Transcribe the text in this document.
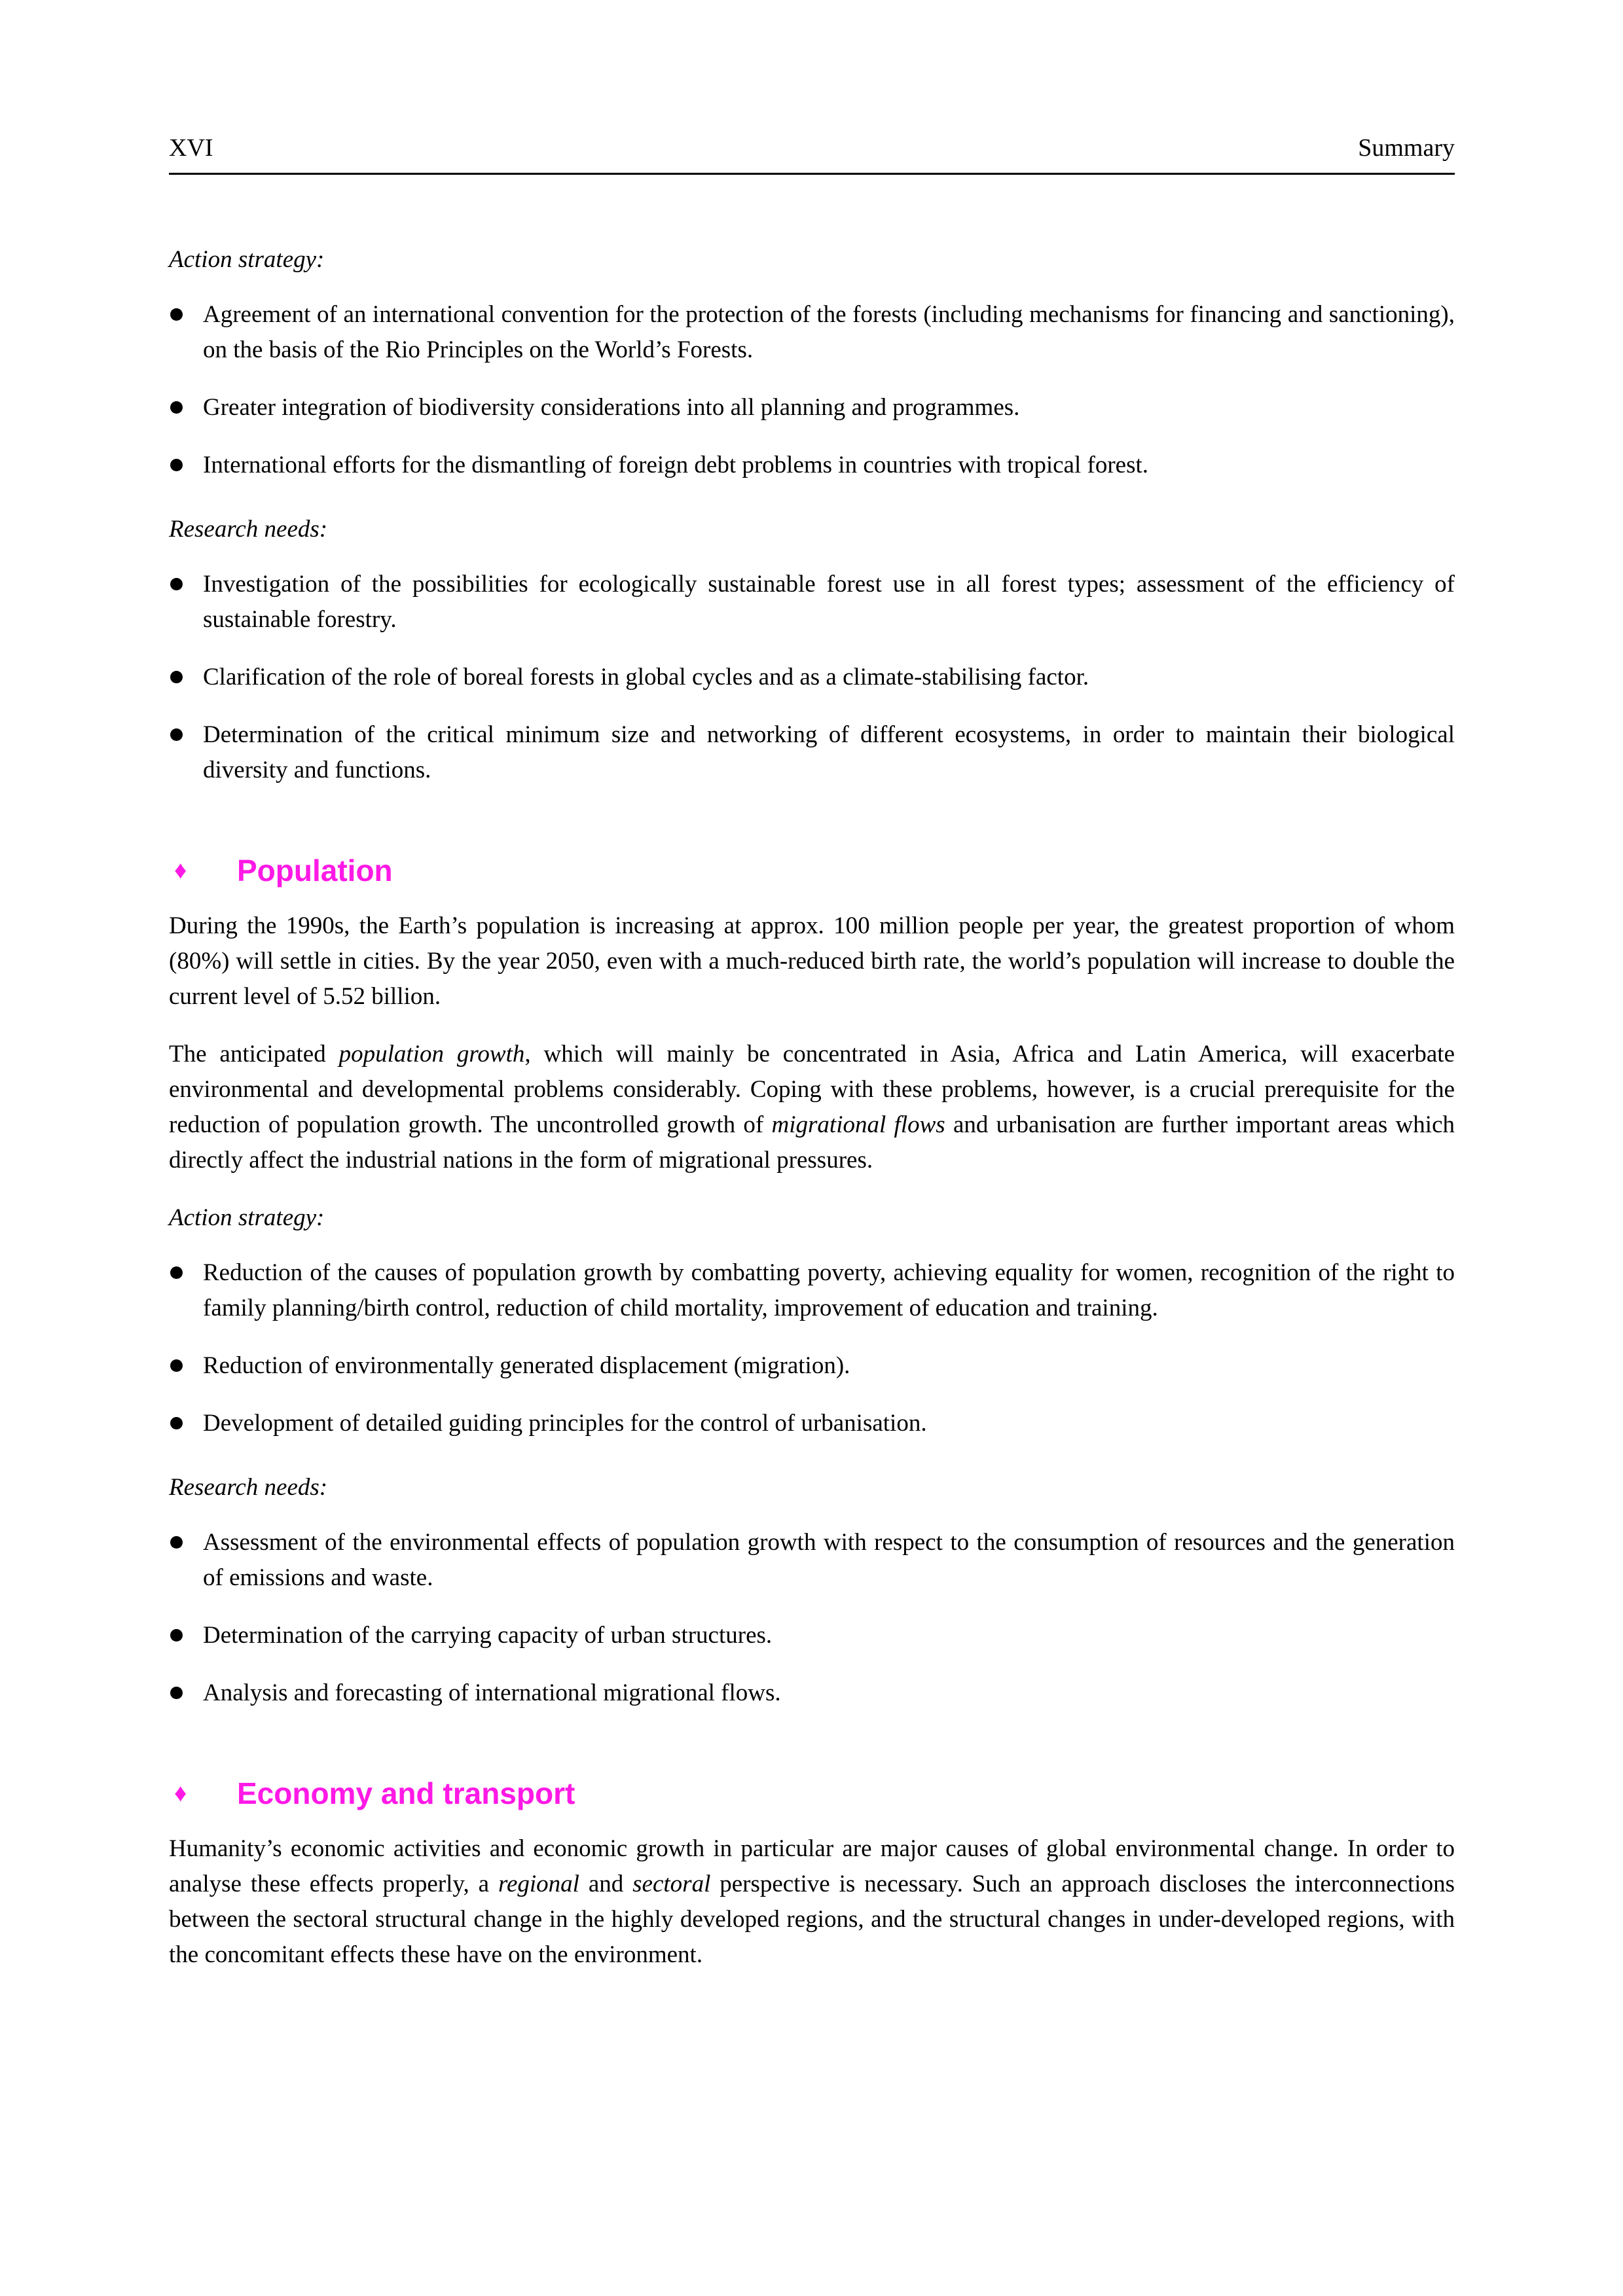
XVI	Summary
Action strategy:
Agreement of an international convention for the protection of the forests (including mechanisms for financing and sanctioning), on the basis of the Rio Principles on the World’s Forests.
Greater integration of biodiversity considerations into all planning and programmes.
International efforts for the dismantling of foreign debt problems in countries with tropical forest.
Research needs:
Investigation of the possibilities for ecologically sustainable forest use in all forest types; assessment of the efficiency of sustainable forestry.
Clarification of the role of boreal forests in global cycles and as a climate-stabilising factor.
Determination of the critical minimum size and networking of different ecosystems, in order to maintain their biological diversity and functions.
♦ Population

During the 1990s, the Earth’s population is increasing at approx. 100 million people per year, the greatest proportion of whom (80%) will settle in cities. By the year 2050, even with a much-reduced birth rate, the world’s population will increase to double the current level of 5.52 billion.

The anticipated population growth, which will mainly be concentrated in Asia, Africa and Latin America, will exacerbate environmental and developmental problems considerably. Coping with these problems, however, is a crucial prerequisite for the reduction of population growth. The uncontrolled growth of migrational flows and urbanisation are further important areas which directly affect the industrial nations in the form of migrational pressures.

Action strategy:
Reduction of the causes of population growth by combatting poverty, achieving equality for women, recognition of the right to family planning/birth control, reduction of child mortality, improvement of education and training.
Reduction of environmentally generated displacement (migration).
Development of detailed guiding principles for the control of urbanisation.
Research needs:
Assessment of the environmental effects of population growth with respect to the consumption of resources and the generation of emissions and waste.
Determination of the carrying capacity of urban structures.
Analysis and forecasting of international migrational flows.
♦ Economy and transport

Humanity’s economic activities and economic growth in particular are major causes of global environmental change. In order to analyse these effects properly, a regional and sectoral perspective is necessary. Such an approach discloses the interconnections between the sectoral structural change in the highly developed regions, and the structural changes in under-developed regions, with the concomitant effects these have on the environment.
